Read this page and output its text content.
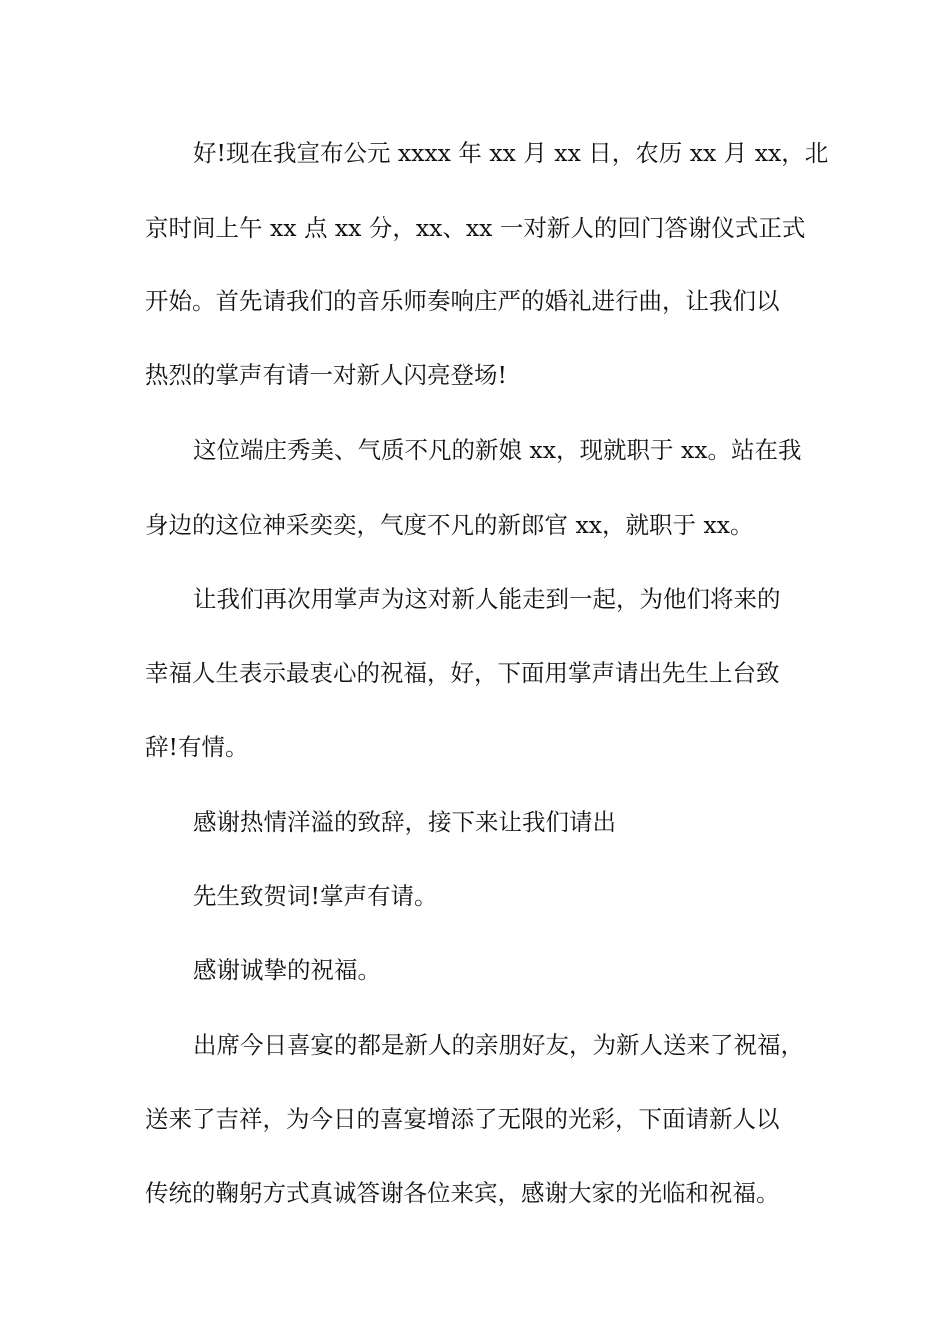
好!现在我宣布公元 xxxx 年 xx 月 xx 日，农历 xx 月 xx，北
京时间上午 xx 点 xx 分，xx、xx 一对新人的回门答谢仪式正式
开始。首先请我们的音乐师奏响庄严的婚礼进行曲，让我们以
热烈的掌声有请一对新人闪亮登场!
这位端庄秀美、气质不凡的新娘 xx，现就职于 xx。站在我
身边的这位神采奕奕，气度不凡的新郎官 xx，就职于 xx。
让我们再次用掌声为这对新人能走到一起，为他们将来的
幸福人生表示最衷心的祝福，好，下面用掌声请出先生上台致
辞!有情。
感谢热情洋溢的致辞，接下来让我们请出
先生致贺词!掌声有请。
感谢诚挚的祝福。
出席今日喜宴的都是新人的亲朋好友，为新人送来了祝福，
送来了吉祥，为今日的喜宴增添了无限的光彩，下面请新人以
传统的鞠躬方式真诚答谢各位来宾，感谢大家的光临和祝福。
